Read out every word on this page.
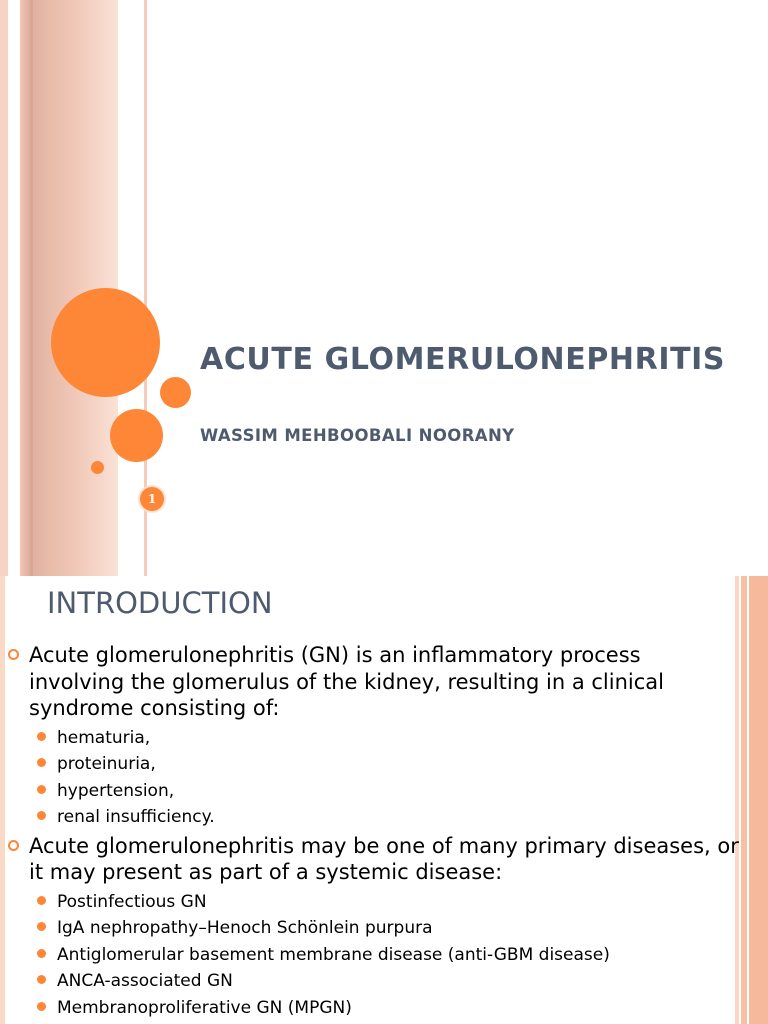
1
ACUTE GLOMERULONEPHRITIS
WASSIM MEHBOOBALI NOORANY
INTRODUCTION
Acute glomerulonephritis (GN) is an inflammatory process involving the glomerulus of the kidney, resulting in a clinical syndrome consisting of:
hematuria,
proteinuria,
hypertension,
renal insufficiency.
Acute glomerulonephritis may be one of many primary diseases, or it may present as part of a systemic disease:
Postinfectious GN
IgA nephropathy–Henoch Schönlein purpura
Antiglomerular basement membrane disease (anti-GBM disease)
ANCA-associated GN
Membranoproliferative GN (MPGN)
